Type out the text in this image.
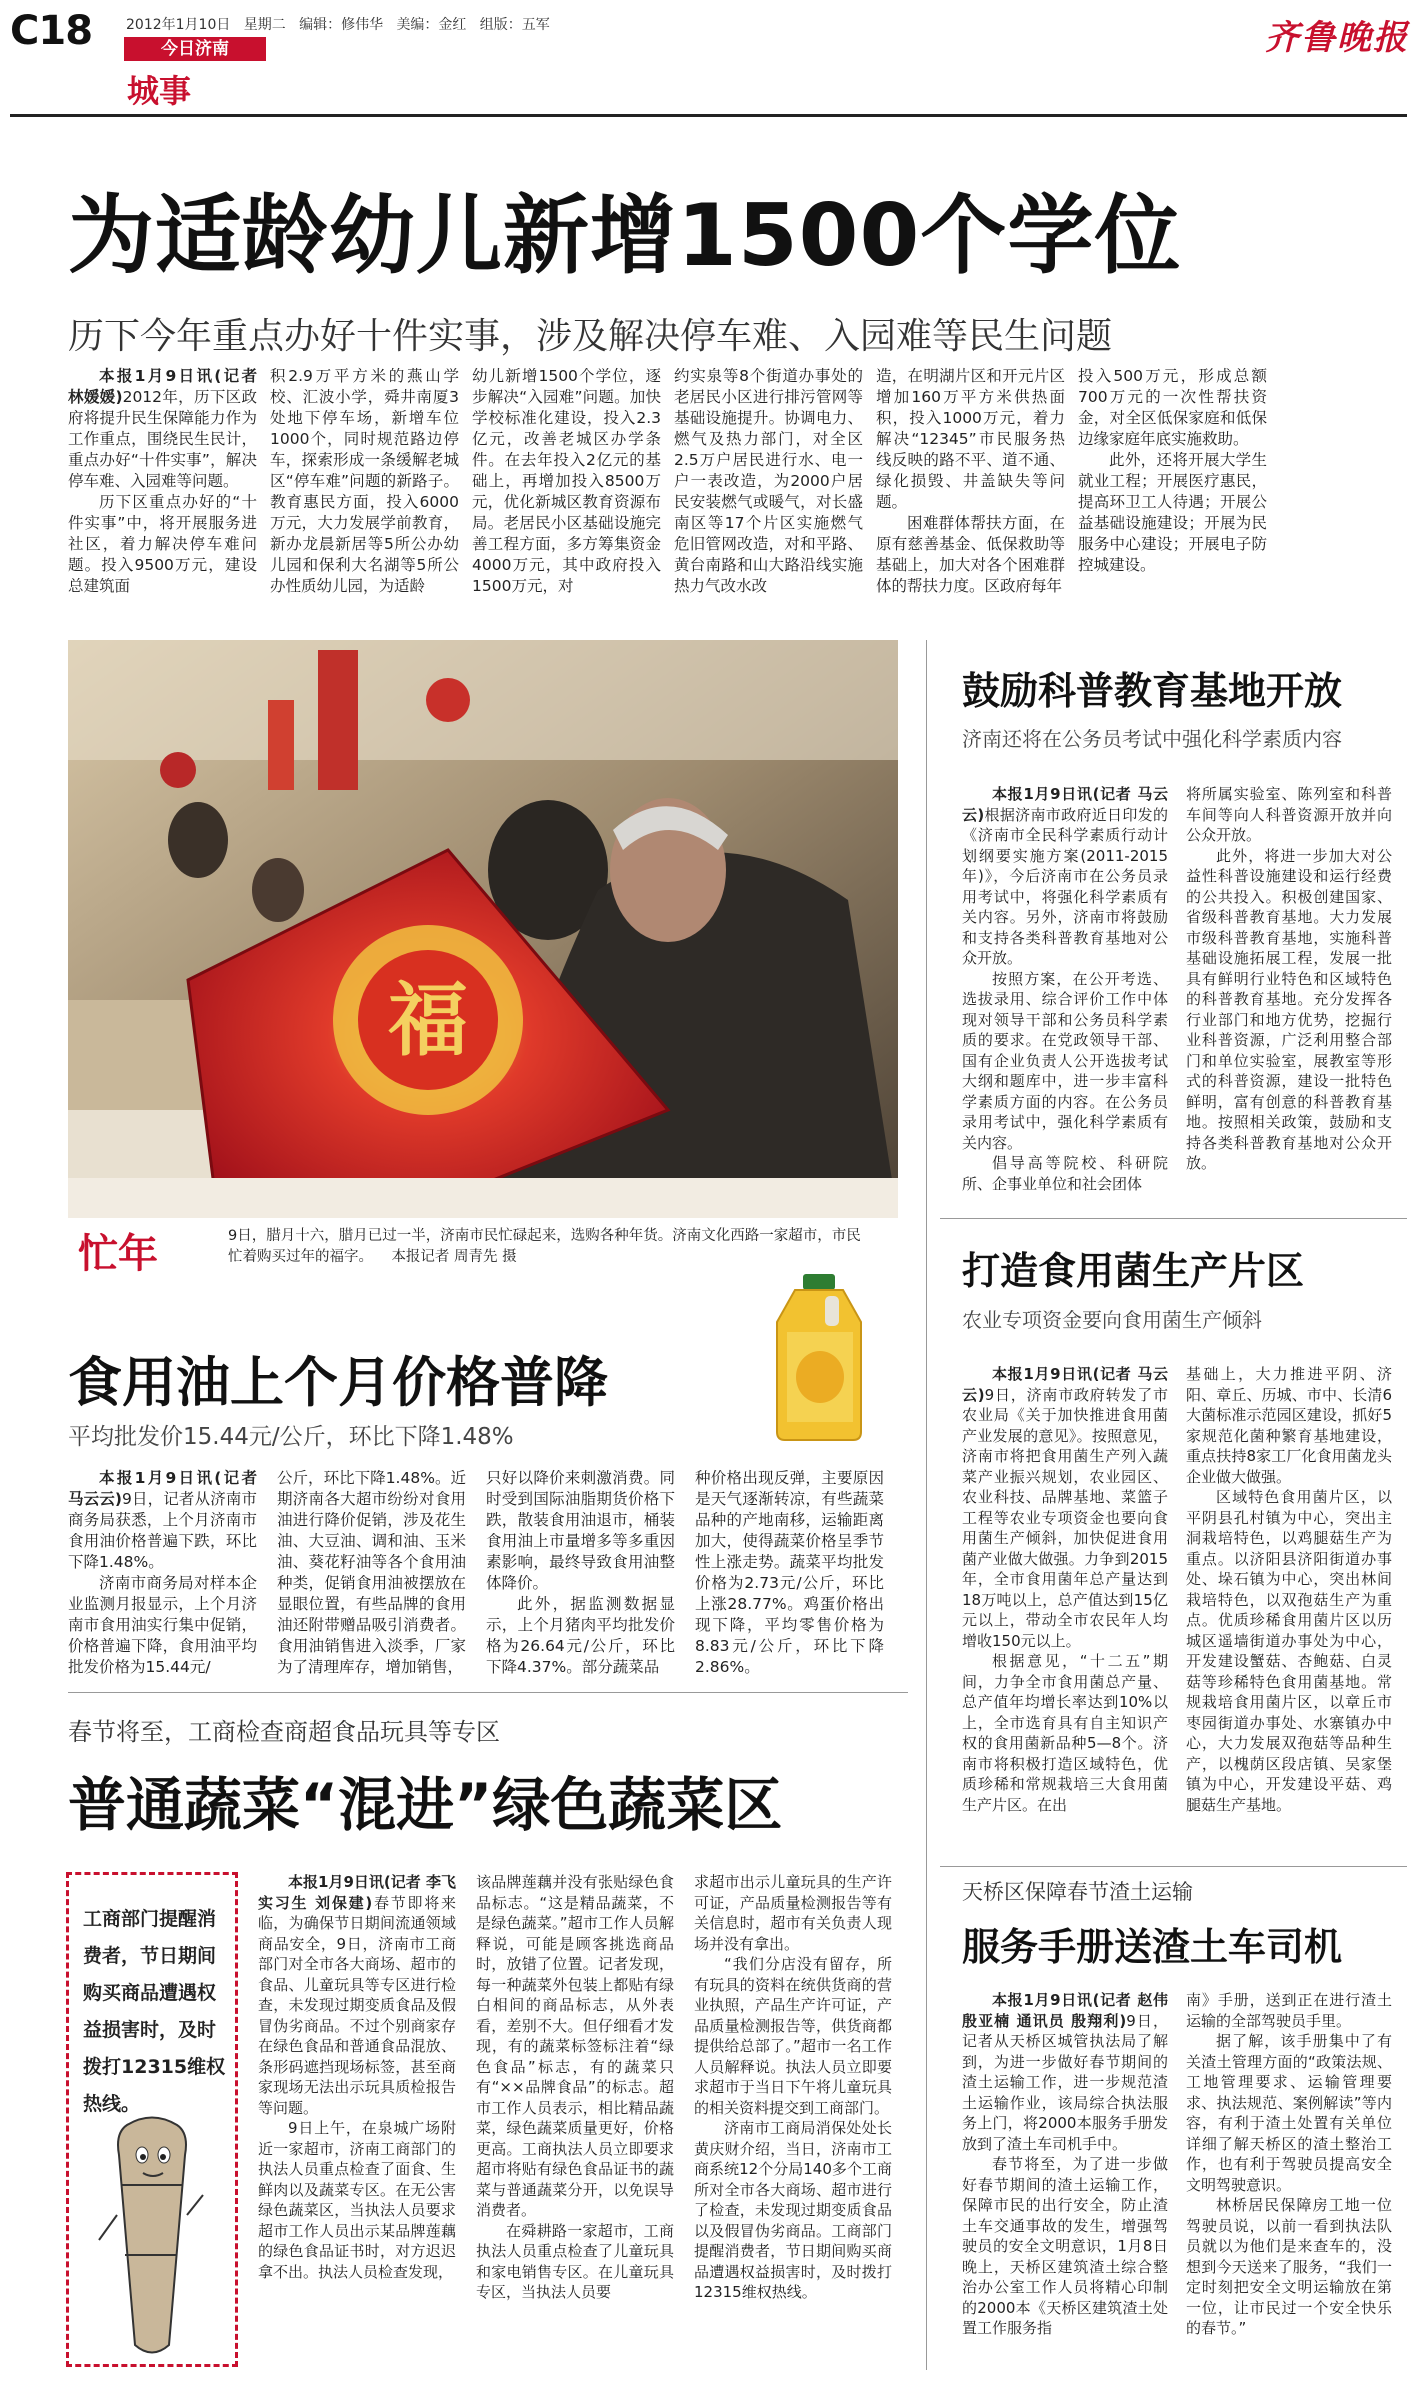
C18 2012年1月10日 星期二 编辑：修伟华 美编：金红 组版：五军
今日济南
城事
齐鲁晚报
为适龄幼儿新增1500个学位
历下今年重点办好十件实事，涉及解决停车难、入园难等民生问题

本报1月9日讯(记者 林媛媛)2012年，历下区政府将提升民生保障能力作为工作重点，围绕民生民计，重点办好“十件实事”，解决停车难、入园难等问题。

历下区重点办好的“十件实事”中，将开展服务进社区，着力解决停车难问题。投入9500万元，建设总建筑面

积2.9万平方米的燕山学校、汇波小学，舜井南厦3处地下停车场，新增车位1000个，同时规范路边停车，探索形成一条缓解老城区“停车难”问题的新路子。教育惠民方面，投入6000万元，大力发展学前教育，新办龙晨新居等5所公办幼儿园和保利大名湖等5所公办性质幼儿园，为适龄

幼儿新增1500个学位，逐步解决“入园难”问题。加快学校标准化建设，投入2.3亿元，改善老城区办学条件。在去年投入2亿元的基础上，再增加投入8500万元，优化新城区教育资源布局。老居民小区基础设施完善工程方面，多方筹集资金4000万元，其中政府投入1500万元，对

约实泉等8个街道办事处的老居民小区进行排污管网等基础设施提升。协调电力、燃气及热力部门，对全区2.5万户居民进行水、电一户一表改造，为2000户居民安装燃气或暖气，对长盛南区等17个片区实施燃气危旧管网改造，对和平路、黄台南路和山大路沿线实施热力气改水改

造，在明湖片区和开元片区增加160万平方米供热面积，投入1000万元，着力解决“12345”市民服务热线反映的路不平、道不通、绿化损毁、井盖缺失等问题。

困难群体帮扶方面，在原有慈善基金、低保救助等基础上，加大对各个困难群体的帮扶力度。区政府每年

投入500万元，形成总额700万元的一次性帮扶资金，对全区低保家庭和低保边缘家庭年底实施救助。

此外，还将开展大学生就业工程；开展医疗惠民，提高环卫工人待遇；开展公益基础设施建设；开展为民服务中心建设；开展电子防控城建设。

福
忙年	9日，腊月十六，腊月已过一半，济南市民忙碌起来，选购各种年货。济南文化西路一家超市，市民忙着购买过年的福字。 本报记者 周青先 摄
鼓励科普教育基地开放
济南还将在公务员考试中强化科学素质内容

本报1月9日讯(记者 马云云)根据济南市政府近日印发的《济南市全民科学素质行动计划纲要实施方案(2011-2015年)》，今后济南市在公务员录用考试中，将强化科学素质有关内容。另外，济南市将鼓励和支持各类科普教育基地对公众开放。

按照方案，在公开考选、选拔录用、综合评价工作中体现对领导干部和公务员科学素质的要求。在党政领导干部、国有企业负责人公开选拔考试大纲和题库中，进一步丰富科学素质方面的内容。在公务员录用考试中，强化科学素质有关内容。

倡导高等院校、科研院所、企事业单位和社会团体

将所属实验室、陈列室和科普车间等向人科普资源开放并向公众开放。

此外，将进一步加大对公益性科普设施建设和运行经费的公共投入。积极创建国家、省级科普教育基地。大力发展市级科普教育基地，实施科普基础设施拓展工程，发展一批具有鲜明行业特色和区域特色的科普教育基地。充分发挥各行业部门和地方优势，挖掘行业科普资源，广泛利用整合部门和单位实验室，展教室等形式的科普资源，建设一批特色鲜明，富有创意的科普教育基地。按照相关政策，鼓励和支持各类科普教育基地对公众开放。

打造食用菌生产片区
农业专项资金要向食用菌生产倾斜

本报1月9日讯(记者 马云云)9日，济南市政府转发了市农业局《关于加快推进食用菌产业发展的意见》。按照意见，济南市将把食用菌生产列入蔬菜产业振兴规划，农业园区、农业科技、品牌基地、菜篮子工程等农业专项资金也要向食用菌生产倾斜，加快促进食用菌产业做大做强。力争到2015年，全市食用菌年总产量达到18万吨以上，总产值达到15亿元以上，带动全市农民年人均增收150元以上。

根据意见，“十二五”期间，力争全市食用菌总产量、总产值年均增长率达到10%以上，全市选育具有自主知识产权的食用菌新品种5—8个。济南市将积极打造区域特色，优质珍稀和常规栽培三大食用菌生产片区。在出

基础上，大力推进平阴、济阳、章丘、历城、市中、长清6大菌标准示范园区建设，抓好5家规范化菌种繁育基地建设，重点扶持8家工厂化食用菌龙头企业做大做强。

区域特色食用菌片区，以平阴县孔村镇为中心，突出主洞栽培特色，以鸡腿菇生产为重点。以济阳县济阳街道办事处、垛石镇为中心，突出林间栽培特色，以双孢菇生产为重点。优质珍稀食用菌片区以历城区遥墙街道办事处为中心，开发建设蟹菇、杏鲍菇、白灵菇等珍稀特色食用菌基地。常规栽培食用菌片区，以章丘市枣园街道办事处、水寨镇办中心，大力发展双孢菇等品种生产，以槐荫区段店镇、吴家堡镇为中心，开发建设平菇、鸡腿菇生产基地。

天桥区保障春节渣土运输
服务手册送渣土车司机

本报1月9日讯(记者 赵伟 殷亚楠 通讯员 殷翔利)9日，记者从天桥区城管执法局了解到，为进一步做好春节期间的渣土运输工作，进一步规范渣土运输作业，该局综合执法服务上门，将2000本服务手册发放到了渣土车司机手中。

春节将至，为了进一步做好春节期间的渣土运输工作，保障市民的出行安全，防止渣土车交通事故的发生，增强驾驶员的安全文明意识，1月8日晚上，天桥区建筑渣土综合整治办公室工作人员将精心印制的2000本《天桥区建筑渣土处置工作服务指

南》手册，送到正在进行渣土运输的全部驾驶员手里。

据了解，该手册集中了有关渣土管理方面的“政策法规、工地管理要求、运输管理要求、执法规范、案例解读”等内容，有利于渣土处置有关单位详细了解天桥区的渣土整治工作，也有利于驾驶员提高安全文明驾驶意识。

林桥居民保障房工地一位驾驶员说，以前一看到执法队员就以为他们是来查车的，没想到今天送来了服务，“我们一定时刻把安全文明运输放在第一位，让市民过一个安全快乐的春节。”

食用油上个月价格普降
平均批发价15.44元/公斤，环比下降1.48%

本报1月9日讯(记者 马云云)9日，记者从济南市商务局获悉，上个月济南市食用油价格普遍下跌，环比下降1.48%。

济南市商务局对样本企业监测月报显示，上个月济南市食用油实行集中促销，价格普遍下降，食用油平均批发价格为15.44元/

公斤，环比下降1.48%。近期济南各大超市纷纷对食用油进行降价促销，涉及花生油、大豆油、调和油、玉米油、葵花籽油等各个食用油种类，促销食用油被摆放在显眼位置，有些品牌的食用油还附带赠品吸引消费者。食用油销售进入淡季，厂家为了清理库存，增加销售，

只好以降价来刺激消费。同时受到国际油脂期货价格下跌，散装食用油退市，桶装食用油上市量增多等多重因素影响，最终导致食用油整体降价。

此外，据监测数据显示，上个月猪肉平均批发价格为26.64元/公斤，环比下降4.37%。部分蔬菜品

种价格出现反弹，主要原因是天气逐渐转凉，有些蔬菜品种的产地南移，运输距离加大，使得蔬菜价格呈季节性上涨走势。蔬菜平均批发价格为2.73元/公斤，环比上涨28.77%。鸡蛋价格出现下降，平均零售价格为8.83元/公斤，环比下降2.86%。

春节将至，工商检查商超食品玩具等专区
普通蔬菜“混进”绿色蔬菜区
工商部门提醒消费者，节日期间购买商品遭遇权益损害时，及时拨打12315维权热线。

本报1月9日讯(记者 李飞 实习生 刘保建)春节即将来临，为确保节日期间流通领域商品安全，9日，济南市工商部门对全市各大商场、超市的食品、儿童玩具等专区进行检查，未发现过期变质食品及假冒伪劣商品。不过个别商家存在绿色食品和普通食品混放、条形码遮挡现场标签，甚至商家现场无法出示玩具质检报告等问题。

9日上午，在泉城广场附近一家超市，济南工商部门的执法人员重点检查了面食、生鲜肉以及蔬菜专区。在无公害绿色蔬菜区，当执法人员要求超市工作人员出示某品牌莲藕的绿色食品证书时，对方迟迟拿不出。执法人员检查发现，

该品牌莲藕并没有张贴绿色食品标志。“这是精品蔬菜，不是绿色蔬菜。”超市工作人员解释说，可能是顾客挑选商品时，放错了位置。记者发现，每一种蔬菜外包装上都贴有绿白相间的商品标志，从外表看，差别不大。但仔细看才发现，有的蔬菜标签标注着“绿色食品”标志，有的蔬菜只有“××品牌食品”的标志。超市工作人员表示，相比精品蔬菜，绿色蔬菜质量更好，价格更高。工商执法人员立即要求超市将贴有绿色食品证书的蔬菜与普通蔬菜分开，以免误导消费者。

在舜耕路一家超市，工商执法人员重点检查了儿童玩具和家电销售专区。在儿童玩具专区，当执法人员要

求超市出示儿童玩具的生产许可证，产品质量检测报告等有关信息时，超市有关负责人现场并没有拿出。

“我们分店没有留存，所有玩具的资料在统供货商的营业执照，产品生产许可证，产品质量检测报告等，供货商都提供给总部了。”超市一名工作人员解释说。执法人员立即要求超市于当日下午将儿童玩具的相关资料提交到工商部门。

济南市工商局消保处处长黄庆财介绍，当日，济南市工商系统12个分局140多个工商所对全市各大商场、超市进行了检查，未发现过期变质食品以及假冒伪劣商品。工商部门提醒消费者，节日期间购买商品遭遇权益损害时，及时拨打12315维权热线。
